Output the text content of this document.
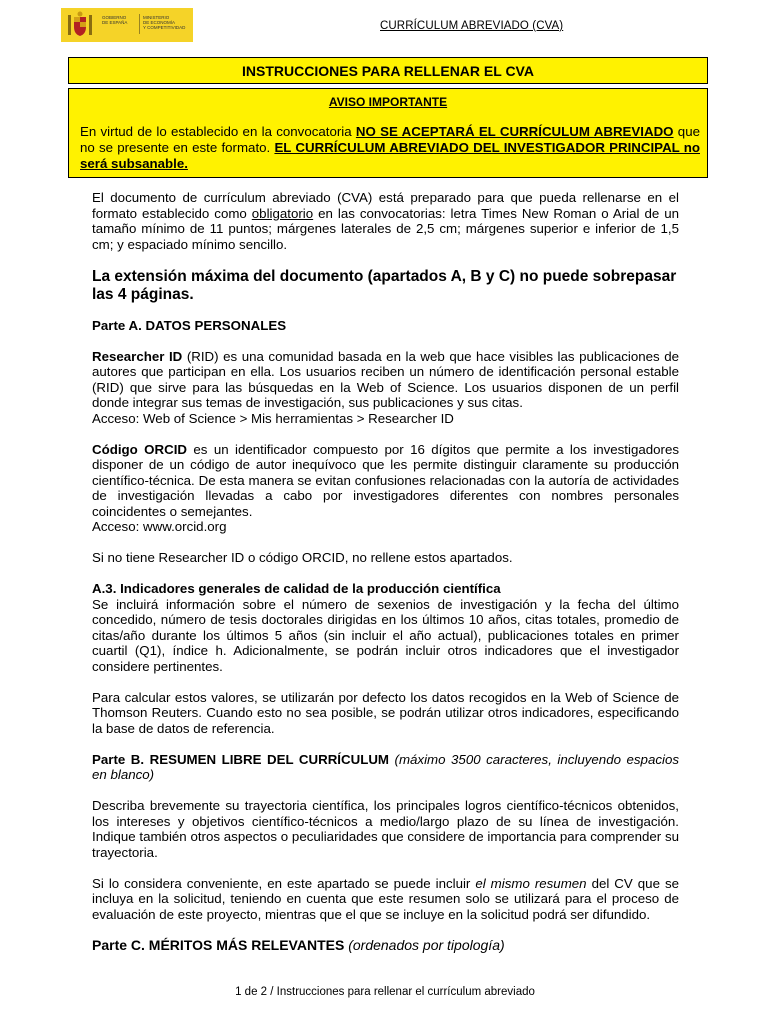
GOBIERNO
DE ESPAÑA
MINISTERIO
DE ECONOMÍA
Y COMPETITIVIDAD	CURRÍCULUM ABREVIADO (CVA)
INSTRUCCIONES PARA RELLENAR EL CVA
AVISO IMPORTANTE

En virtud de lo establecido en la convocatoria NO SE ACEPTARÁ EL CURRÍCULUM ABREVIADO que no se presente en este formato. EL CURRÍCULUM ABREVIADO DEL INVESTIGADOR PRINCIPAL no será subsanable.

El documento de currículum abreviado (CVA) está preparado para que pueda rellenarse en el formato establecido como obligatorio en las convocatorias: letra Times New Roman o Arial de un tamaño mínimo de 11 puntos; márgenes laterales de 2,5 cm; márgenes superior e inferior de 1,5 cm; y espaciado mínimo sencillo.

La extensión máxima del documento (apartados A, B y C) no puede sobrepasar las 4 páginas.

Parte A. DATOS PERSONALES

Researcher ID (RID) es una comunidad basada en la web que hace visibles las publicaciones de autores que participan en ella. Los usuarios reciben un número de identificación personal estable (RID) que sirve para las búsquedas en la Web of Science. Los usuarios disponen de un perfil donde integrar sus temas de investigación, sus publicaciones y sus citas.

Acceso: Web of Science > Mis herramientas > Researcher ID

Código ORCID es un identificador compuesto por 16 dígitos que permite a los investigadores disponer de un código de autor inequívoco que les permite distinguir claramente su producción científico-técnica. De esta manera se evitan confusiones relacionadas con la autoría de actividades de investigación llevadas a cabo por investigadores diferentes con nombres personales coincidentes o semejantes.

Acceso: www.orcid.org

Si no tiene Researcher ID o código ORCID, no rellene estos apartados.

A.3. Indicadores generales de calidad de la producción científica

Se incluirá información sobre el número de sexenios de investigación y la fecha del último concedido, número de tesis doctorales dirigidas en los últimos 10 años, citas totales, promedio de citas/año durante los últimos 5 años (sin incluir el año actual), publicaciones totales en primer cuartil (Q1), índice h. Adicionalmente, se podrán incluir otros indicadores que el investigador considere pertinentes.

Para calcular estos valores, se utilizarán por defecto los datos recogidos en la Web of Science de Thomson Reuters. Cuando esto no sea posible, se podrán utilizar otros indicadores, especificando la base de datos de referencia.

Parte B. RESUMEN LIBRE DEL CURRÍCULUM (máximo 3500 caracteres, incluyendo espacios en blanco)

Describa brevemente su trayectoria científica, los principales logros científico-técnicos obtenidos, los intereses y objetivos científico-técnicos a medio/largo plazo de su línea de investigación. Indique también otros aspectos o peculiaridades que considere de importancia para comprender su trayectoria.

Si lo considera conveniente, en este apartado se puede incluir el mismo resumen del CV que se incluya en la solicitud, teniendo en cuenta que este resumen solo se utilizará para el proceso de evaluación de este proyecto, mientras que el que se incluye en la solicitud podrá ser difundido.

Parte C. MÉRITOS MÁS RELEVANTES (ordenados por tipología)

1 de 2 / Instrucciones para rellenar el currículum abreviado
